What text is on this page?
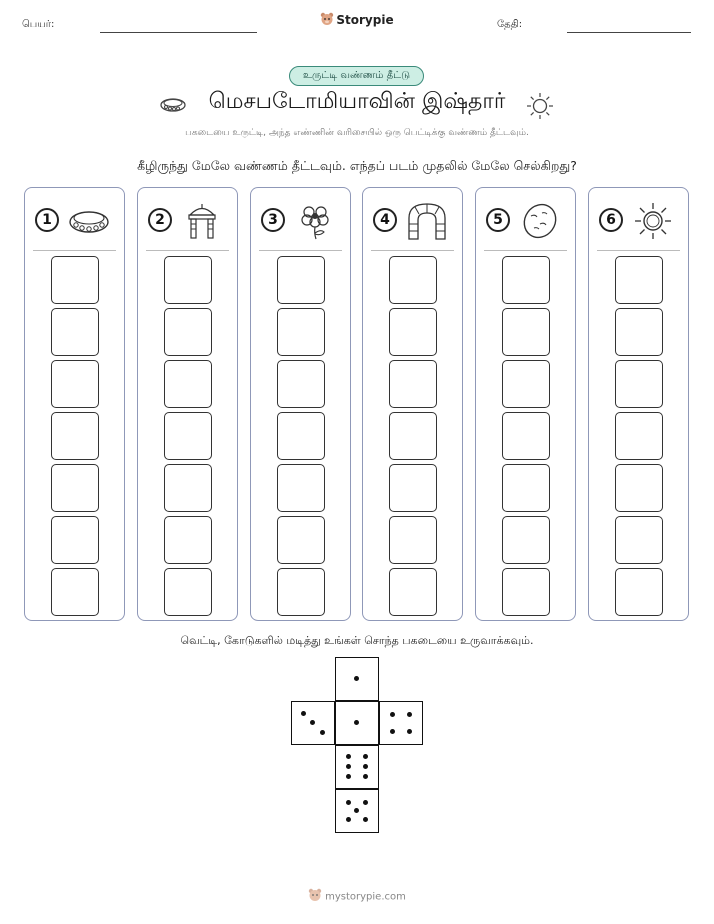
பெயர்:	Storypie	தேதி:
உருட்டி வண்ணம் தீட்டு
மெசபடோமியாவின் இஷ்தார்
பகடையை உருட்டி, அந்த எண்ணின் வரிசையில் ஒரு பெட்டிக்கு வண்ணம் தீட்டவும்.
கீழிருந்து மேலே வண்ணம் தீட்டவும். எந்தப் படம் முதலில் மேலே செல்கிறது?
1	2	3	4	5	6
வெட்டி, கோடுகளில் மடித்து உங்கள் சொந்த பகடையை உருவாக்கவும்.
mystorypie.com
